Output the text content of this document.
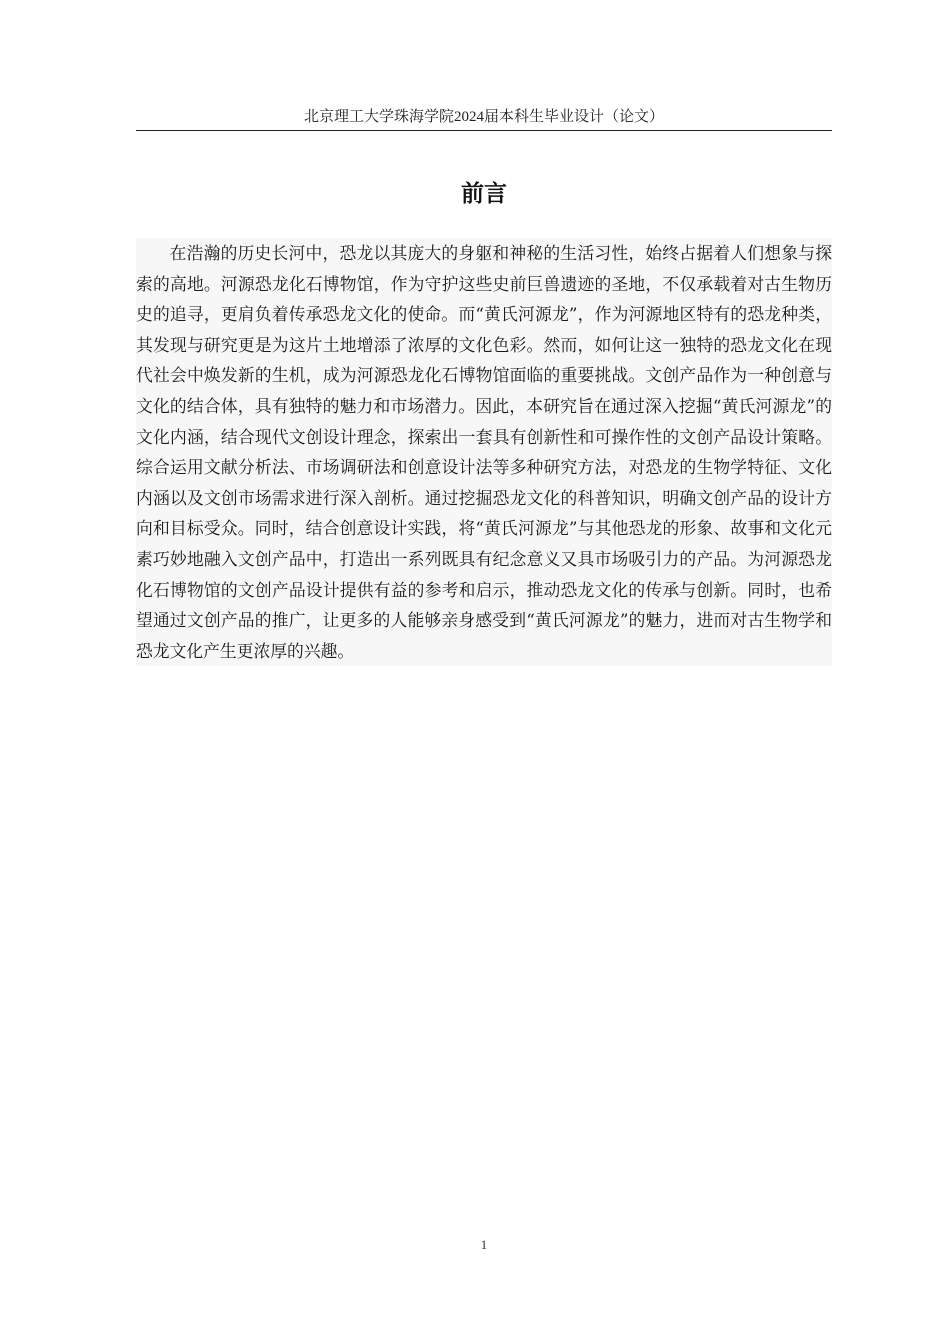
北京理工大学珠海学院2024届本科生毕业设计（论文）
前言

在浩瀚的历史长河中，恐龙以其庞大的身躯和神秘的生活习性，始终占据着人们想象与探索的高地。河源恐龙化石博物馆，作为守护这些史前巨兽遗迹的圣地，不仅承载着对古生物历史的追寻，更肩负着传承恐龙文化的使命。而“黄氏河源龙”，作为河源地区特有的恐龙种类，其发现与研究更是为这片土地增添了浓厚的文化色彩。然而，如何让这一独特的恐龙文化在现代社会中焕发新的生机，成为河源恐龙化石博物馆面临的重要挑战。文创产品作为一种创意与文化的结合体，具有独特的魅力和市场潜力。因此，本研究旨在通过深入挖掘“黄氏河源龙”的文化内涵，结合现代文创设计理念，探索出一套具有创新性和可操作性的文创产品设计策略。综合运用文献分析法、市场调研法和创意设计法等多种研究方法，对恐龙的生物学特征、文化内涵以及文创市场需求进行深入剖析。通过挖掘恐龙文化的科普知识，明确文创产品的设计方向和目标受众。同时，结合创意设计实践，将“黄氏河源龙”与其他恐龙的形象、故事和文化元素巧妙地融入文创产品中，打造出一系列既具有纪念意义又具市场吸引力的产品。为河源恐龙化石博物馆的文创产品设计提供有益的参考和启示，推动恐龙文化的传承与创新。同时，也希望通过文创产品的推广，让更多的人能够亲身感受到“黄氏河源龙”的魅力，进而对古生物学和恐龙文化产生更浓厚的兴趣。

1
